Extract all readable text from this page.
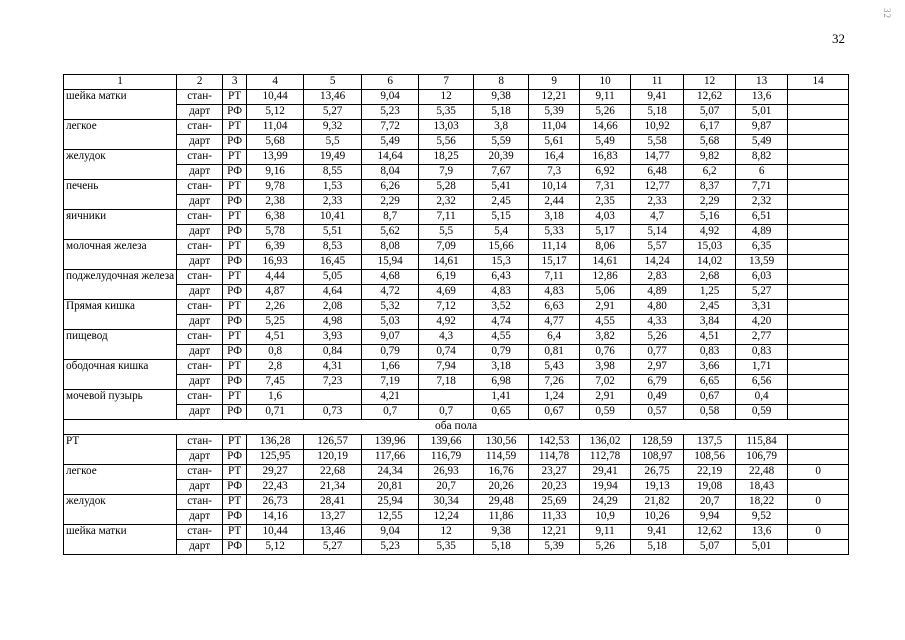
32
32
1	2	3	4	5	6	7	8	9	10	11	12	13	14
шейка матки	стан-	РТ	10,44	13,46	9,04	12	9,38	12,21	9,11	9,41	12,62	13,6	
	дарт	РФ	5,12	5,27	5,23	5,35	5,18	5,39	5,26	5,18	5,07	5,01	
легкое	стан-	РТ	11,04	9,32	7,72	13,03	3,8	11,04	14,66	10,92	6,17	9,87	
	дарт	РФ	5,68	5,5	5,49	5,56	5,59	5,61	5,49	5,58	5,68	5,49	
желудок	стан-	РТ	13,99	19,49	14,64	18,25	20,39	16,4	16,83	14,77	9,82	8,82	
	дарт	РФ	9,16	8,55	8,04	7,9	7,67	7,3	6,92	6,48	6,2	6	
печень	стан-	РТ	9,78	1,53	6,26	5,28	5,41	10,14	7,31	12,77	8,37	7,71	
	дарт	РФ	2,38	2,33	2,29	2,32	2,45	2,44	2,35	2,33	2,29	2,32	
яичники	стан-	РТ	6,38	10,41	8,7	7,11	5,15	3,18	4,03	4,7	5,16	6,51	
	дарт	РФ	5,78	5,51	5,62	5,5	5,4	5,33	5,17	5,14	4,92	4,89	
молочная железа	стан-	РТ	6,39	8,53	8,08	7,09	15,66	11,14	8,06	5,57	15,03	6,35	
	дарт	РФ	16,93	16,45	15,94	14,61	15,3	15,17	14,61	14,24	14,02	13,59	
поджелудочная железа	стан-	РТ	4,44	5,05	4,68	6,19	6,43	7,11	12,86	2,83	2,68	6,03	
	дарт	РФ	4,87	4,64	4,72	4,69	4,83	4,83	5,06	4,89	1,25	5,27	
Прямая кишка	стан-	РТ	2,26	2,08	5,32	7,12	3,52	6,63	2,91	4,80	2,45	3,31	
	дарт	РФ	5,25	4,98	5,03	4,92	4,74	4,77	4,55	4,33	3,84	4,20	
пищевод	стан-	РТ	4,51	3,93	9,07	4,3	4,55	6,4	3,82	5,26	4,51	2,77	
	дарт	РФ	0,8	0,84	0,79	0,74	0,79	0,81	0,76	0,77	0,83	0,83	
ободочная кишка	стан-	РТ	2,8	4,31	1,66	7,94	3,18	5,43	3,98	2,97	3,66	1,71	
	дарт	РФ	7,45	7,23	7,19	7,18	6,98	7,26	7,02	6,79	6,65	6,56	
мочевой пузырь	стан-	РТ	1,6		4,21		1,41	1,24	2,91	0,49	0,67	0,4	
	дарт	РФ	0,71	0,73	0,7	0,7	0,65	0,67	0,59	0,57	0,58	0,59	
оба пола													
РТ	стан-	РТ	136,28	126,57	139,96	139,66	130,56	142,53	136,02	128,59	137,5	115,84	
	дарт	РФ	125,95	120,19	117,66	116,79	114,59	114,78	112,78	108,97	108,56	106,79	
легкое	стан-	РТ	29,27	22,68	24,34	26,93	16,76	23,27	29,41	26,75	22,19	22,48	0
	дарт	РФ	22,43	21,34	20,81	20,7	20,26	20,23	19,94	19,13	19,08	18,43	
желудок	стан-	РТ	26,73	28,41	25,94	30,34	29,48	25,69	24,29	21,82	20,7	18,22	0
	дарт	РФ	14,16	13,27	12,55	12,24	11,86	11,33	10,9	10,26	9,94	9,52	
шейка матки	стан-	РТ	10,44	13,46	9,04	12	9,38	12,21	9,11	9,41	12,62	13,6	0
	дарт	РФ	5,12	5,27	5,23	5,35	5,18	5,39	5,26	5,18	5,07	5,01	
